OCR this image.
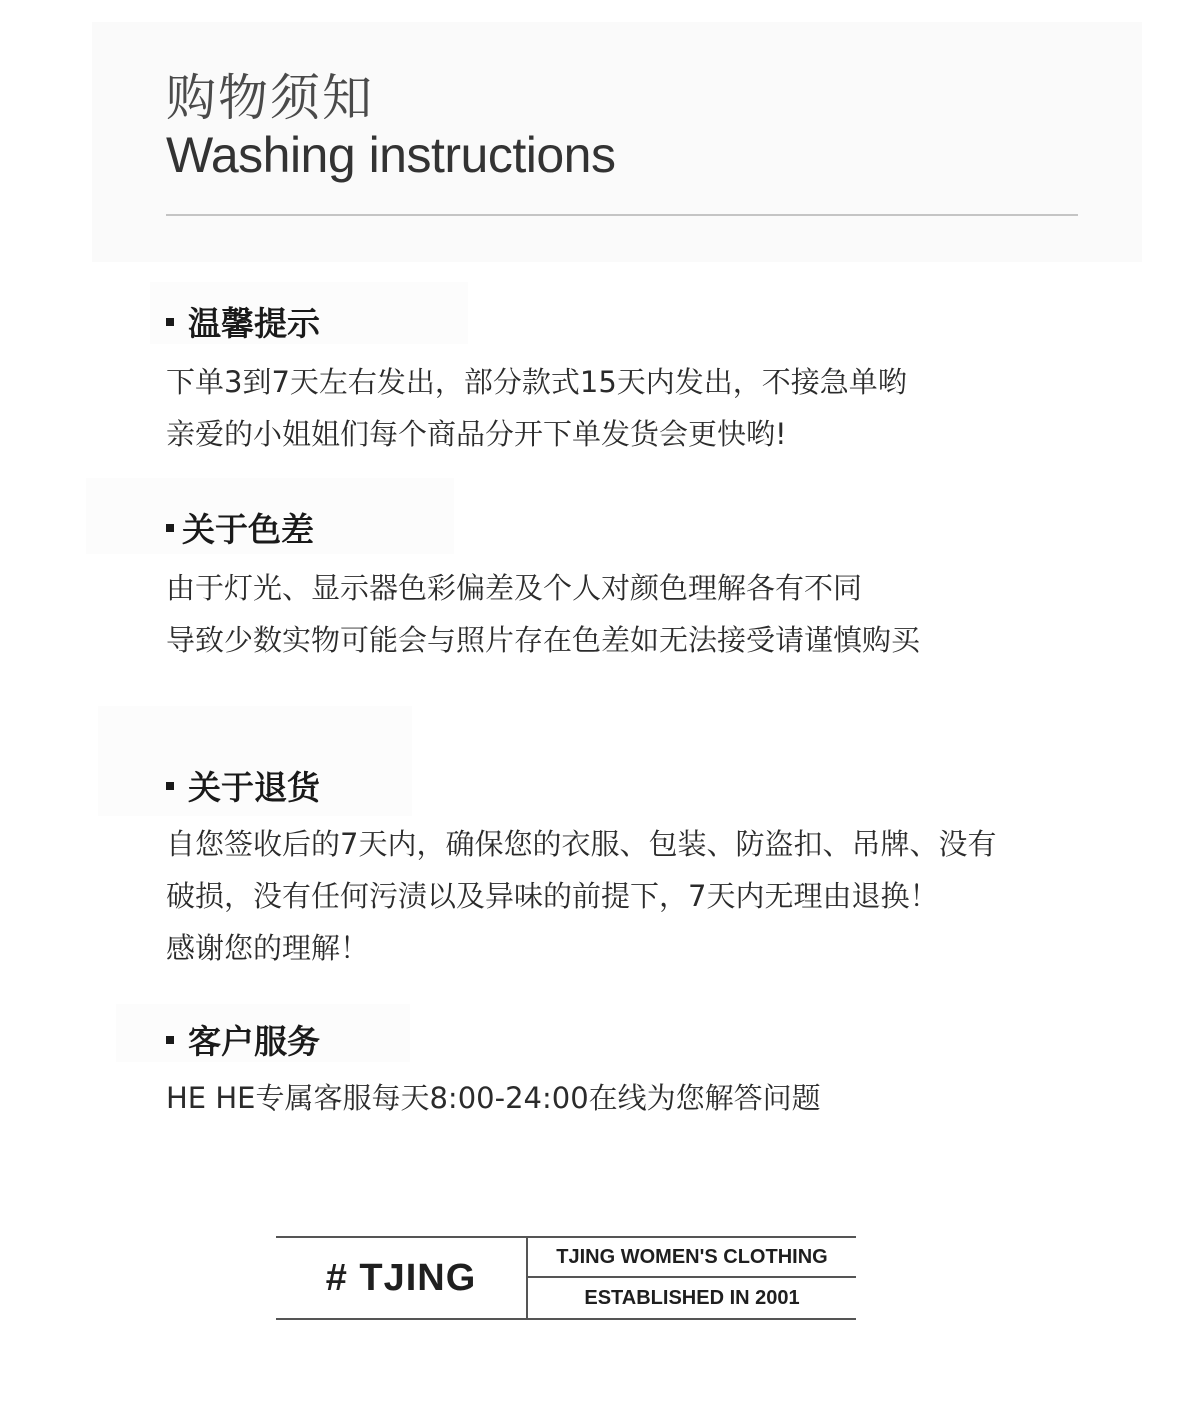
购物须知
Washing instructions
温馨提示
下单3到7天左右发出，部分款式15天内发出，不接急单哟
亲爱的小姐姐们每个商品分开下单发货会更快哟!
关于色差
由于灯光、显示器色彩偏差及个人对颜色理解各有不同
导致少数实物可能会与照片存在色差如无法接受请谨慎购买
关于退货
自您签收后的7天内，确保您的衣服、包装、防盗扣、吊牌、没有
破损，没有任何污渍以及异味的前提下，7天内无理由退换！
感谢您的理解！
客户服务
HE HE专属客服每天8:00-24:00在线为您解答问题
# TJING	TJING WOMEN'S CLOTHING
ESTABLISHED IN 2001
